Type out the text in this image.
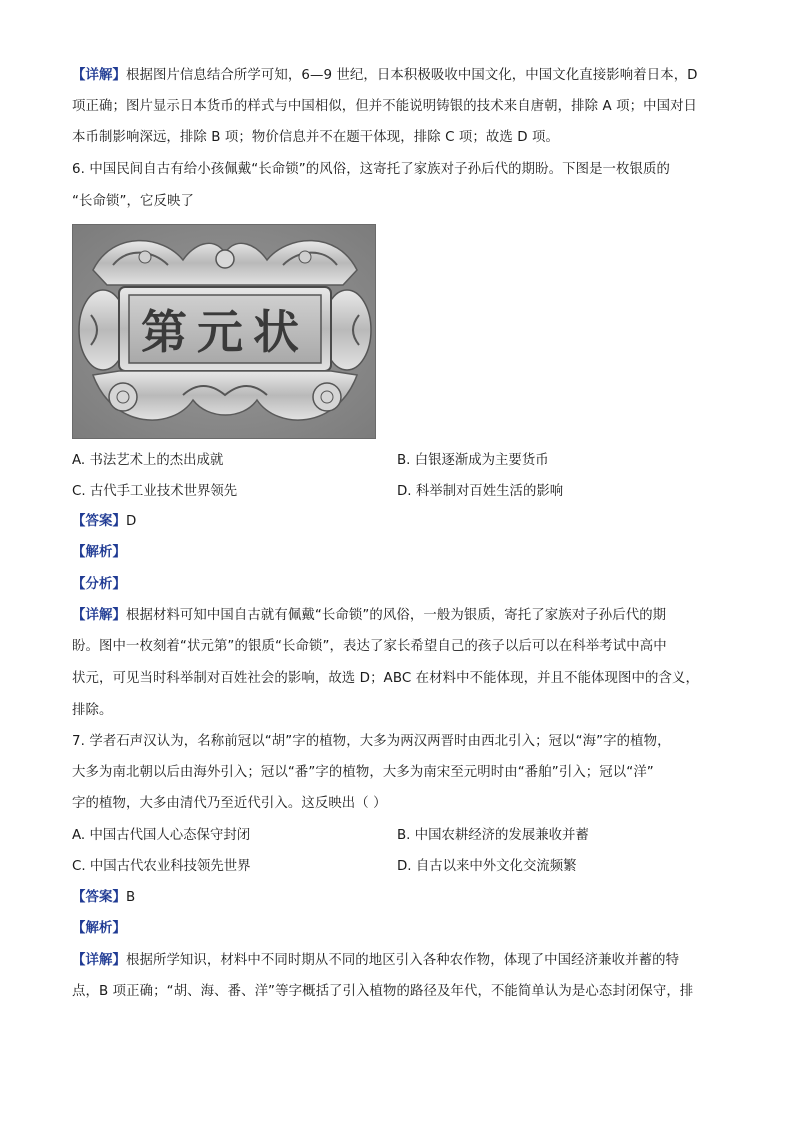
【详解】根据图片信息结合所学可知，6—9 世纪，日本积极吸收中国文化，中国文化直接影响着日本，D
项正确；图片显示日本货币的样式与中国相似，但并不能说明铸银的技术来自唐朝，排除 A 项；中国对日
本币制影响深远，排除 B 项；物价信息并不在题干体现，排除 C 项；故选 D 项。
6. 中国民间自古有给小孩佩戴“长命锁”的风俗，这寄托了家族对子孙后代的期盼。下图是一枚银质的
“长命锁”，它反映了
状元第
A. 书法艺术上的杰出成就	B. 白银逐渐成为主要货币
C. 古代手工业技术世界领先	D. 科举制对百姓生活的影响
【答案】D
【解析】
【分析】
【详解】根据材料可知中国自古就有佩戴“长命锁”的风俗，一般为银质，寄托了家族对子孙后代的期
盼。图中一枚刻着“状元第”的银质“长命锁”，表达了家长希望自己的孩子以后可以在科举考试中高中
状元，可见当时科举制对百姓社会的影响，故选 D；ABC 在材料中不能体现，并且不能体现图中的含义，
排除。
7. 学者石声汉认为，名称前冠以“胡”字的植物，大多为两汉两晋时由西北引入；冠以“海”字的植物，
大多为南北朝以后由海外引入；冠以“番”字的植物，大多为南宋至元明时由“番舶”引入；冠以“洋”
字的植物，大多由清代乃至近代引入。这反映出（ ）
A. 中国古代国人心态保守封闭	B. 中国农耕经济的发展兼收并蓄
C. 中国古代农业科技领先世界	D. 自古以来中外文化交流频繁
【答案】B
【解析】
【详解】根据所学知识，材料中不同时期从不同的地区引入各种农作物，体现了中国经济兼收并蓄的特
点，B 项正确；“胡、海、番、洋”等字概括了引入植物的路径及年代，不能简单认为是心态封闭保守，排
